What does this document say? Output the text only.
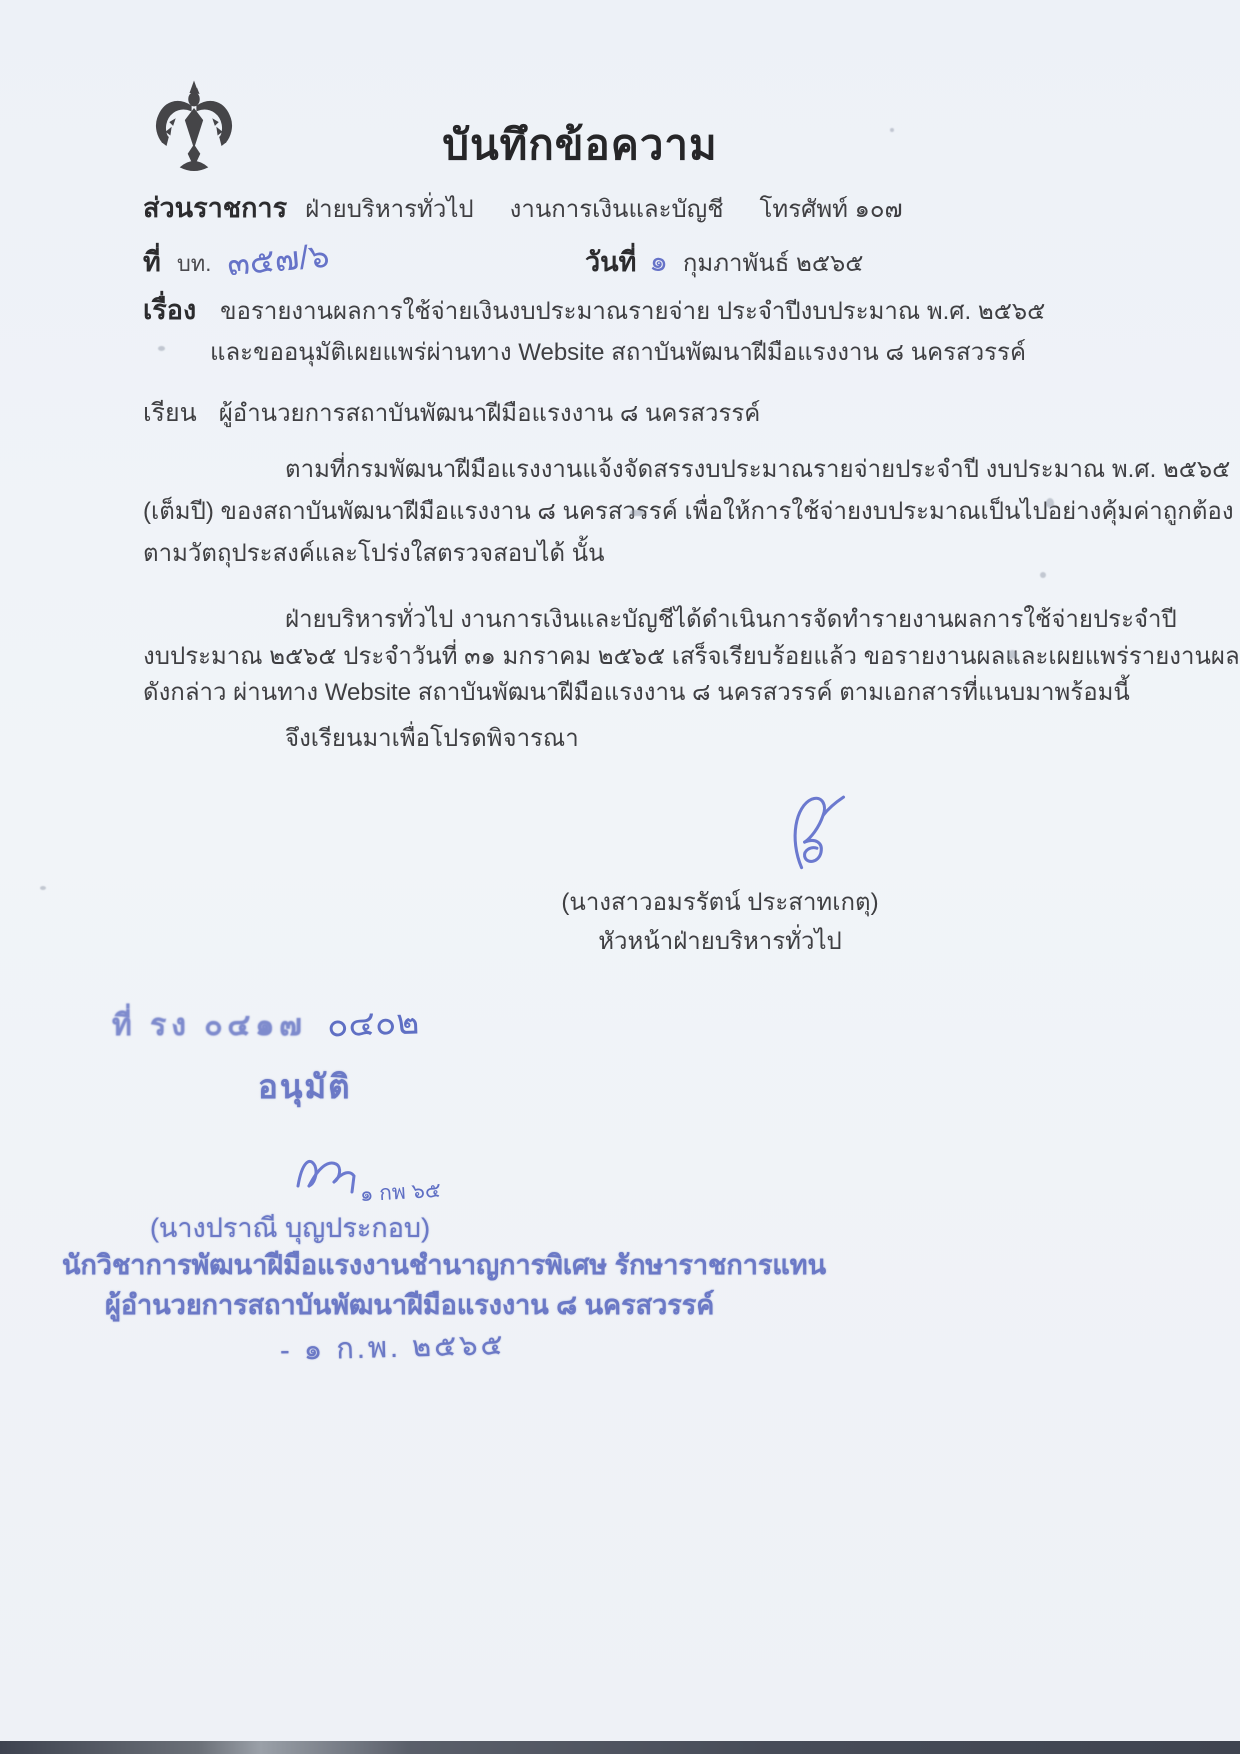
บันทึกข้อความ
ส่วนราชการ ฝ่ายบริหารทั่วไป งานการเงินและบัญชี โทรศัพท์ ๑๐๗
ที่ บท. ๓๕๗/๖	วันที่ ๑ กุมภาพันธ์ ๒๕๖๕
เรื่อง ขอรายงานผลการใช้จ่ายเงินงบประมาณรายจ่าย ประจำปีงบประมาณ พ.ศ. ๒๕๖๕
และขออนุมัติเผยแพร่ผ่านทาง Website สถาบันพัฒนาฝีมือแรงงาน ๘ นครสวรรค์
เรียน ผู้อำนวยการสถาบันพัฒนาฝีมือแรงงาน ๘ นครสวรรค์
ตามที่กรมพัฒนาฝีมือแรงงานแจ้งจัดสรรงบประมาณรายจ่ายประจำปี งบประมาณ พ.ศ. ๒๕๖๕
(เต็มปี) ของสถาบันพัฒนาฝีมือแรงงาน ๘ นครสวรรค์ เพื่อให้การใช้จ่ายงบประมาณเป็นไปอย่างคุ้มค่าถูกต้อง
ตามวัตถุประสงค์และโปร่งใสตรวจสอบได้ นั้น
ฝ่ายบริหารทั่วไป งานการเงินและบัญชีได้ดำเนินการจัดทำรายงานผลการใช้จ่ายประจำปี
งบประมาณ ๒๕๖๕ ประจำวันที่ ๓๑ มกราคม ๒๕๖๕ เสร็จเรียบร้อยแล้ว ขอรายงานผลและเผยแพร่รายงานผล
ดังกล่าว ผ่านทาง Website สถาบันพัฒนาฝีมือแรงงาน ๘ นครสวรรค์ ตามเอกสารที่แนบมาพร้อมนี้
จึงเรียนมาเพื่อโปรดพิจารณา
(นางสาวอมรรัตน์ ประสาทเกตุ)
หัวหน้าฝ่ายบริหารทั่วไป
ที่ รง ๐๔๑๗ ๐๔๐๒
อนุมัติ
๑ กพ ๖๕
(นางปราณี บุญประกอบ)
นักวิชาการพัฒนาฝีมือแรงงานชำนาญการพิเศษ รักษาราชการแทน
ผู้อำนวยการสถาบันพัฒนาฝีมือแรงงาน ๘ นครสวรรค์
- ๑ ก.พ. ๒๕๖๕
